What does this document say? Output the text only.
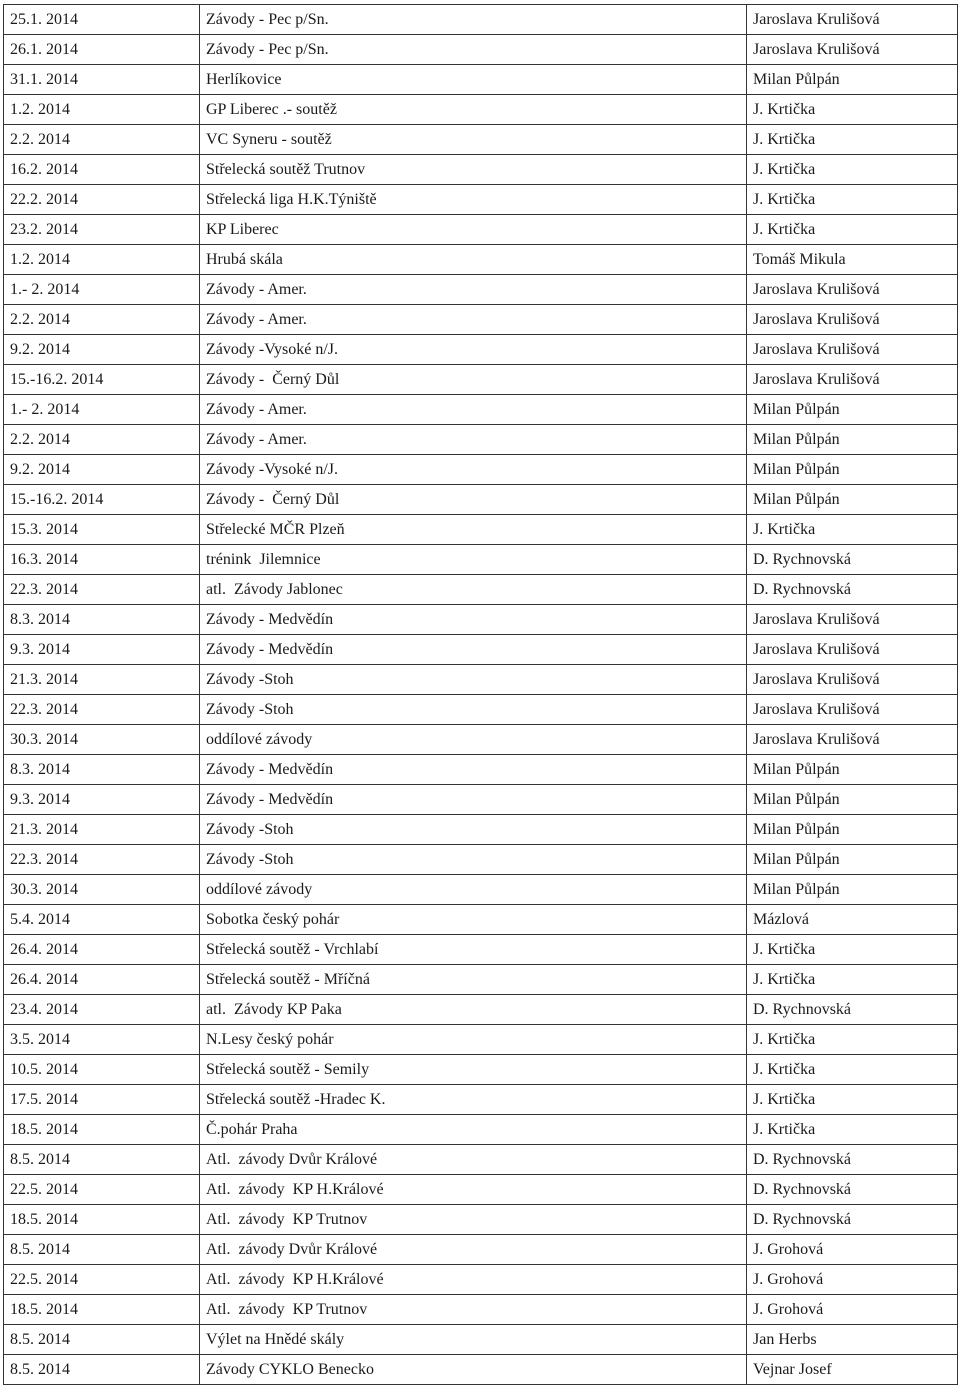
25.1. 2014	Závody - Pec p/Sn.	Jaroslava Krulišová
26.1. 2014	Závody - Pec p/Sn.	Jaroslava Krulišová
31.1. 2014	Herlíkovice	Milan Půlpán
1.2. 2014	GP Liberec .- soutěž	J. Krtička
2.2. 2014	VC Syneru - soutěž	J. Krtička
16.2. 2014	Střelecká soutěž Trutnov	J. Krtička
22.2. 2014	Střelecká liga H.K.Týniště	J. Krtička
23.2. 2014	KP Liberec	J. Krtička
1.2. 2014	Hrubá skála	Tomáš Mikula
1.- 2. 2014	Závody - Amer.	Jaroslava Krulišová
2.2. 2014	Závody - Amer.	Jaroslava Krulišová
9.2. 2014	Závody -Vysoké n/J.	Jaroslava Krulišová
15.-16.2. 2014	Závody -  Černý Důl	Jaroslava Krulišová
1.- 2. 2014	Závody - Amer.	Milan Půlpán
2.2. 2014	Závody - Amer.	Milan Půlpán
9.2. 2014	Závody -Vysoké n/J.	Milan Půlpán
15.-16.2. 2014	Závody -  Černý Důl	Milan Půlpán
15.3. 2014	Střelecké MČR Plzeň	J. Krtička
16.3. 2014	trénink  Jilemnice	D. Rychnovská
22.3. 2014	atl.  Závody Jablonec	D. Rychnovská
8.3. 2014	Závody - Medvědín	Jaroslava Krulišová
9.3. 2014	Závody - Medvědín	Jaroslava Krulišová
21.3. 2014	Závody -Stoh	Jaroslava Krulišová
22.3. 2014	Závody -Stoh	Jaroslava Krulišová
30.3. 2014	oddílové závody	Jaroslava Krulišová
8.3. 2014	Závody - Medvědín	Milan Půlpán
9.3. 2014	Závody - Medvědín	Milan Půlpán
21.3. 2014	Závody -Stoh	Milan Půlpán
22.3. 2014	Závody -Stoh	Milan Půlpán
30.3. 2014	oddílové závody	Milan Půlpán
5.4. 2014	Sobotka český pohár	Mázlová
26.4. 2014	Střelecká soutěž - Vrchlabí	J. Krtička
26.4. 2014	Střelecká soutěž - Mříčná	J. Krtička
23.4. 2014	atl.  Závody KP Paka	D. Rychnovská
3.5. 2014	N.Lesy český pohár	J. Krtička
10.5. 2014	Střelecká soutěž - Semily	J. Krtička
17.5. 2014	Střelecká soutěž -Hradec K.	J. Krtička
18.5. 2014	Č.pohár Praha	J. Krtička
8.5. 2014	Atl.  závody Dvůr Králové	D. Rychnovská
22.5. 2014	Atl.  závody  KP H.Králové	D. Rychnovská
18.5. 2014	Atl.  závody  KP Trutnov	D. Rychnovská
8.5. 2014	Atl.  závody Dvůr Králové	J. Grohová
22.5. 2014	Atl.  závody  KP H.Králové	J. Grohová
18.5. 2014	Atl.  závody  KP Trutnov	J. Grohová
8.5. 2014	Výlet na Hnědé skály	Jan Herbs
8.5. 2014	Závody CYKLO Benecko	Vejnar Josef
